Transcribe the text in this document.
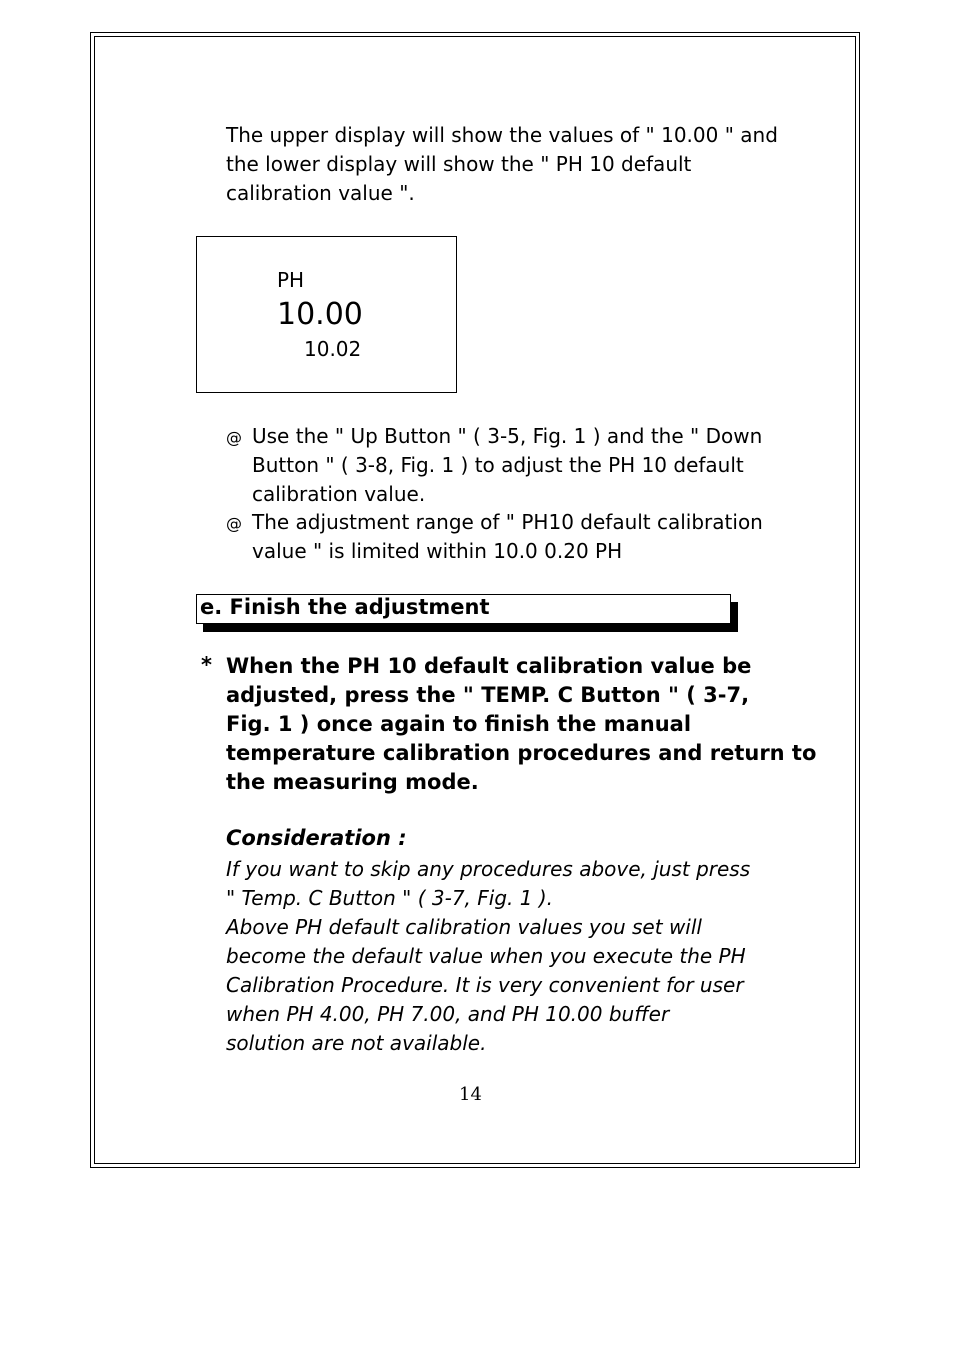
The upper display will show the values of " 10.00 " and
the lower display will show the " PH 10 default
calibration value ".
PH
10.00
10.02
@ Use the " Up Button " ( 3-5, Fig. 1 ) and the " Down
Button " ( 3-8, Fig. 1 ) to adjust the PH 10 default
calibration value.
@ The adjustment range of " PH10 default calibration
value " is limited within 10.0 0.20 PH
e. Finish the adjustment
* When the PH 10 default calibration value be
adjusted, press the " TEMP. C Button " ( 3-7,
Fig. 1 ) once again to finish the manual
temperature calibration procedures and return to
the measuring mode.
Consideration :
If you want to skip any procedures above, just press
" Temp. C Button " ( 3-7, Fig. 1 ).
Above PH default calibration values you set will
become the default value when you execute the PH
Calibration Procedure. It is very convenient for user
when PH 4.00, PH 7.00, and PH 10.00 buffer
solution are not available.
14
